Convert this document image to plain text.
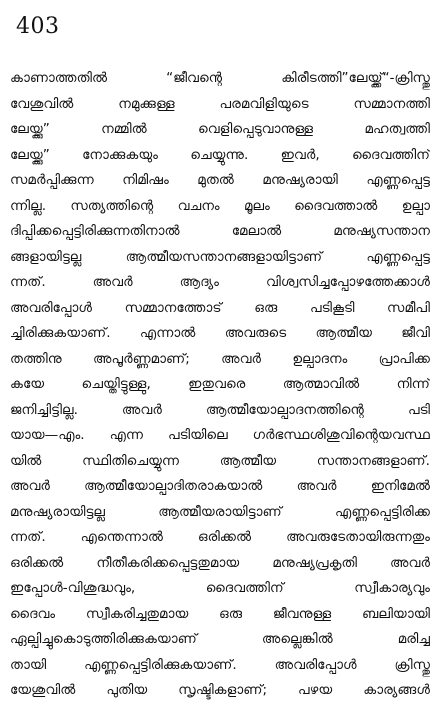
403
കാണാത്തതിൽ “ജീവന്റെ കിരീടത്തി”ലേയ്ക്ക്“-ക്രിസ്തു
വേശുവിൽ നമുക്കുള്ള പരമവിളിയുടെ സമ്മാനത്തി
ലേയ്ക്കു” നമ്മിൽ വെളിപ്പെടുവാനുള്ള മഹത്വത്തി
ലേയ്ക്കു” നോക്കുകയും ചെയ്യുന്നു. ഇവർ, ദൈവത്തിന്
സമർപ്പിക്കുന്ന നിമിഷം മുതൽ മനുഷ്യരായി എണ്ണപ്പെട്ട
ന്നില്ല. സത്യത്തിന്റെ വചനം മൂലം ദൈവത്താൽ ഉല്പാ
ദിപ്പിക്കപ്പെട്ടിരിക്കുന്നതിനാൽ മേലാൽ മനുഷ്യസന്താന
ങ്ങളായിട്ടല്ല ആത്മീയസന്താനങ്ങളായിട്ടാണ് എണ്ണപ്പെട്ട
ന്നത്. അവർ ആദ്യം വിശ്വസിച്ചപ്പോഴത്തേക്കാൾ
അവരിപ്പോൾ സമ്മാനത്തോട് ഒരു പടികൂടി സമീപി
ച്ചിരിക്കുകയാണ്. എന്നാൽ അവരുടെ ആത്മീയ ജീവി
തത്തിനു അപൂർണ്ണമാണ്; അവർ ഉല്പാദനം പ്രാപിക്ക
കയേ ചെയ്തിട്ടുള്ളു, ഇതുവരെ ആത്മാവിൽ നിന്ന്
ജനിച്ചിട്ടില്ല. അവർ ആത്മീയോല്പാദനത്തിന്റെ പടി
യായ—എം. എന്ന പടിയിലെ ഗർഭസ്ഥശിശുവിന്റെയവസ്ഥ
യിൽ സ്ഥിതിചെയ്യുന്ന ആത്മീയ സന്താനങ്ങളാണ്.
അവർ ആത്മീയോല്പാദിതരാകയാൽ അവർ ഇനിമേൽ
മനുഷ്യരായിട്ടല്ല ആത്മീയരായിട്ടാണ് എണ്ണപ്പെട്ടിരിക്ക
ന്നത്. എന്തെന്നാൽ ഒരിക്കൽ അവരുടേതായിരുന്നതും
ഒരിക്കൽ നീതീകരിക്കപ്പെട്ടതുമായ മനുഷ്യപ്രകൃതി അവർ
ഇപ്പോൾ-വിശുദ്ധവും, ദൈവത്തിന് സ്വീകാര്യവും
ദൈവം സ്വീകരിച്ചതുമായ ഒരു ജീവനുള്ള ബലിയായി
ഏല്പിച്ചുകൊടുത്തിരിക്കുകയാണ് അല്ലെങ്കിൽ മരിച്ച
തായി എണ്ണപ്പെട്ടിരിക്കുകയാണ്. അവരിപ്പോൾ ക്രിസ്തു
യേശുവിൽ പുതിയ സൃഷ്ടികളാണ്; പഴയ കാര്യങ്ങൾ
